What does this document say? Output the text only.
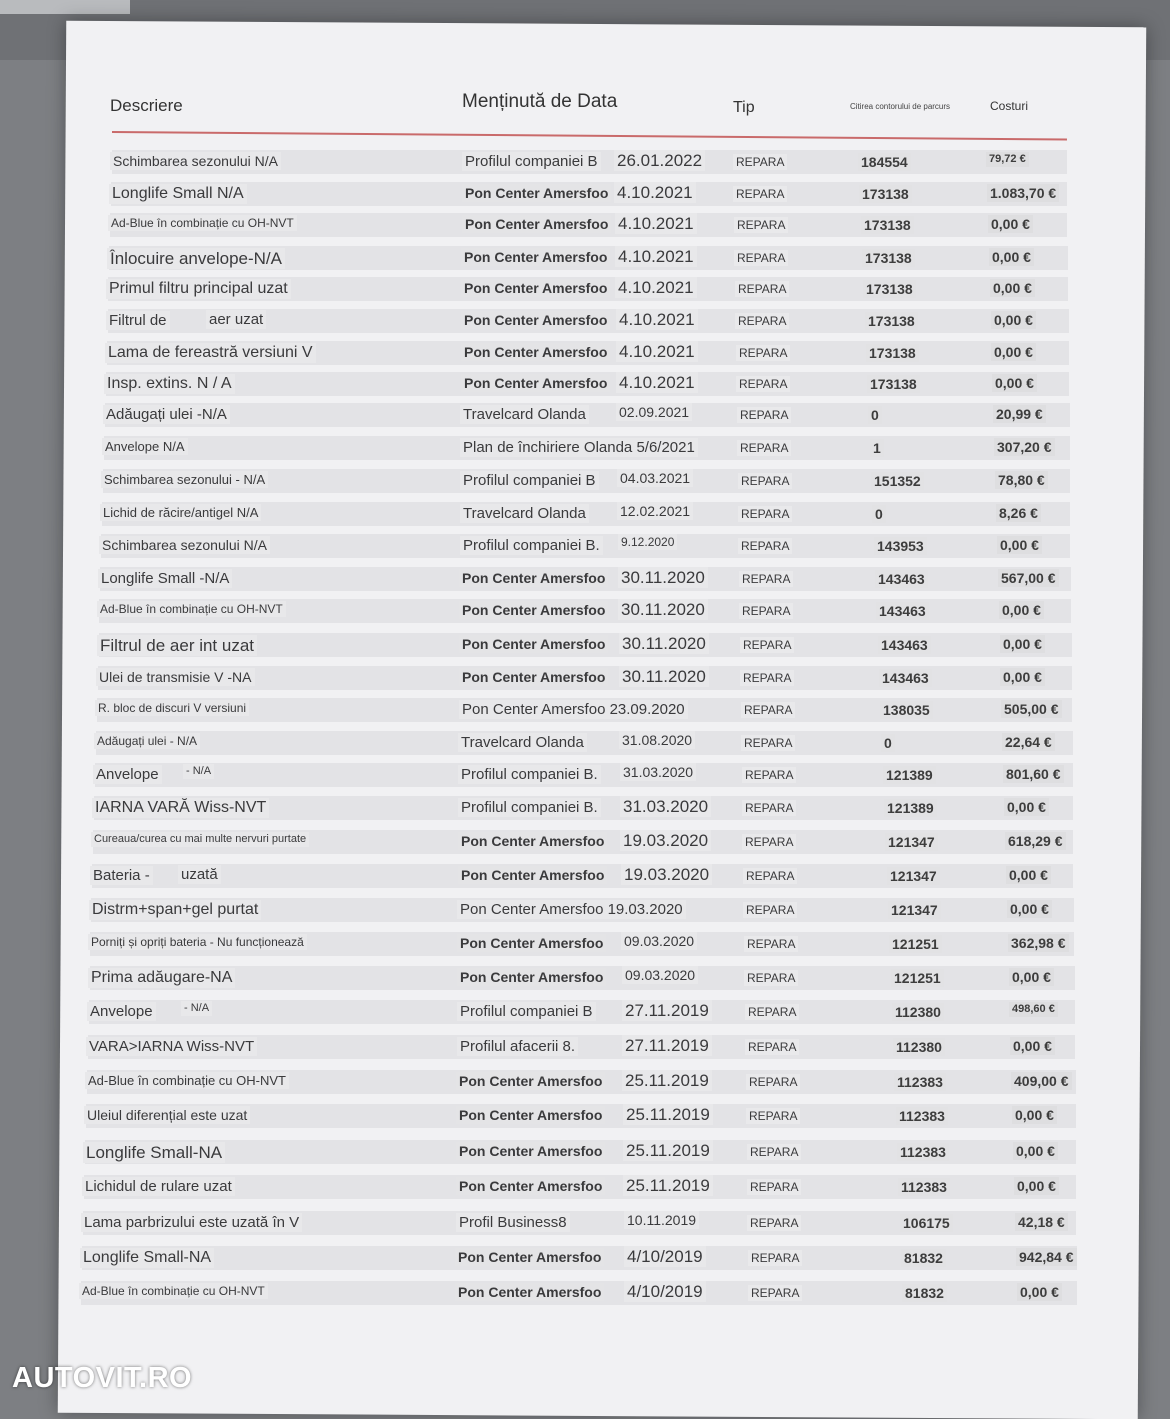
Descriere	Menținută de Data	Tip	Citirea contorului de parcurs	Costuri
Schimbarea sezonului N/A	Profilul companiei B 26.01.2022	REPARA	184554	79,72 €
Longlife Small N/A	Pon Center Amersfoo 4.10.2021	REPARA	173138	1.083,70 €
Ad-Blue în combinație cu OH-NVT	Pon Center Amersfoo 4.10.2021	REPARA	173138	0,00 €
Înlocuire anvelope-N/A	Pon Center Amersfoo 4.10.2021	REPARA	173138	0,00 €
Primul filtru principal uzat	Pon Center Amersfoo 4.10.2021	REPARA	173138	0,00 €
Filtrul de	aer uzat	Pon Center Amersfoo 4.10.2021	REPARA	173138	0,00 €
Lama de fereastră versiuni V	Pon Center Amersfoo 4.10.2021	REPARA	173138	0,00 €
Insp. extins. N / A	Pon Center Amersfoo 4.10.2021	REPARA	173138	0,00 €
Adăugați ulei -N/A	Travelcard Olanda 02.09.2021	REPARA	0	20,99 €
Anvelope N/A	Plan de închiriere Olanda 5/6/2021	REPARA	1	307,20 €
Schimbarea sezonului - N/A	Profilul companiei B 04.03.2021	REPARA	151352	78,80 €
Lichid de răcire/antigel N/A	Travelcard Olanda 12.02.2021	REPARA	0	8,26 €
Schimbarea sezonului N/A	Profilul companiei B. 9.12.2020	REPARA	143953	0,00 €
Longlife Small -N/A	Pon Center Amersfoo 30.11.2020	REPARA	143463	567,00 €
Ad-Blue în combinație cu OH-NVT	Pon Center Amersfoo 30.11.2020	REPARA	143463	0,00 €
Filtrul de aer int uzat	Pon Center Amersfoo 30.11.2020	REPARA	143463	0,00 €
Ulei de transmisie V -NA	Pon Center Amersfoo 30.11.2020	REPARA	143463	0,00 €
R. bloc de discuri V versiuni	Pon Center Amersfoo 23.09.2020	REPARA	138035	505,00 €
Adăugați ulei - N/A	Travelcard Olanda	31.08.2020	REPARA	0	22,64 €
Anvelope - N/A	Profilul companiei B. 31.03.2020	REPARA	121389	801,60 €
IARNA VARĂ Wiss-NVT	Profilul companiei B. 31.03.2020	REPARA	121389	0,00 €
Cureaua/curea cu mai multe nervuri purtate	Pon Center Amersfoo 19.03.2020	REPARA	121347	618,29 €
Bateria - uzată	Pon Center Amersfoo 19.03.2020	REPARA	121347	0,00 €
Distrm+span+gel purtat	Pon Center Amersfoo 19.03.2020	REPARA	121347	0,00 €
Porniți și opriți bateria - Nu funcționează	Pon Center Amersfoo 09.03.2020	REPARA	121251	362,98 €
Prima adăugare-NA	Pon Center Amersfoo 09.03.2020	REPARA	121251	0,00 €
Anvelope	- N/A	Profilul companiei B 27.11.2019	REPARA	112380	498,60 €
VARA>IARNA Wiss-NVT	Profilul afacerii 8.	27.11.2019	REPARA	112380	0,00 €
Ad-Blue în combinație cu OH-NVT	Pon Center Amersfoo 25.11.2019	REPARA	112383	409,00 €
Uleiul diferențial este uzat	Pon Center Amersfoo 25.11.2019	REPARA	112383	0,00 €
Longlife Small-NA	Pon Center Amersfoo 25.11.2019	REPARA	112383	0,00 €
Lichidul de rulare uzat	Pon Center Amersfoo 25.11.2019	REPARA	112383	0,00 €
Lama parbrizului este uzată în V	Profil Business8	10.11.2019	REPARA	106175	42,18 €
Longlife Small-NA	Pon Center Amersfoo 4/10/2019	REPARA	81832	942,84 €
Ad-Blue în combinație cu OH-NVT	Pon Center Amersfoo 4/10/2019	REPARA	81832	0,00 €
AUTOVIT.RO
